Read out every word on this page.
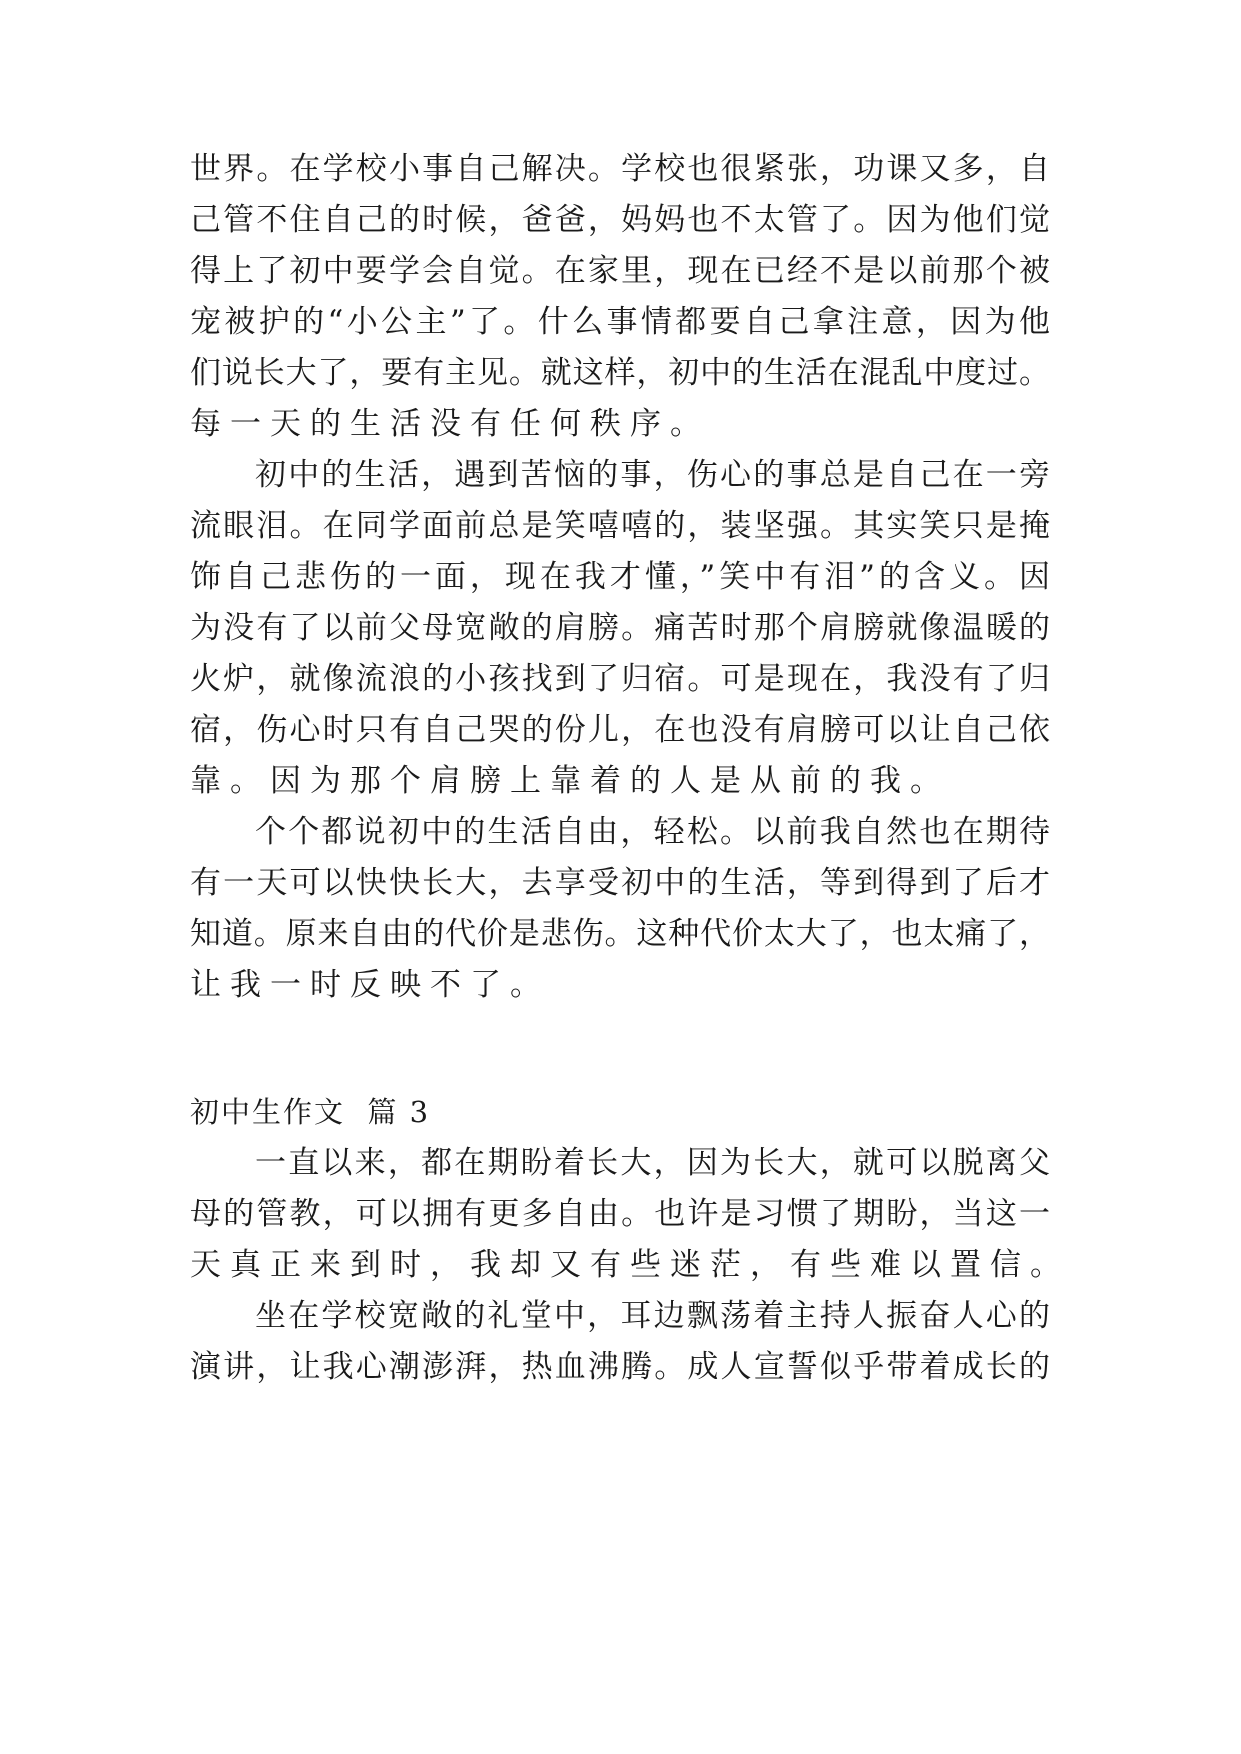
世界。在学校小事自己解决。学校也很紧张，功课又多，自
己管不住自己的时候，爸爸，妈妈也不太管了。因为他们觉
得上了初中要学会自觉。在家里，现在已经不是以前那个被
宠被护的“小公主”了。什么事情都要自己拿注意，因为他
们说长大了，要有主见。就这样，初中的生活在混乱中度过。
每一天的生活没有任何秩序。
初中的生活，遇到苦恼的事，伤心的事总是自己在一旁
流眼泪。在同学面前总是笑嘻嘻的，装坚强。其实笑只是掩
饰自己悲伤的一面，现在我才懂，”笑中有泪”的含义。因
为没有了以前父母宽敞的肩膀。痛苦时那个肩膀就像温暖的
火炉，就像流浪的小孩找到了归宿。可是现在，我没有了归
宿，伤心时只有自己哭的份儿，在也没有肩膀可以让自己依
靠。因为那个肩膀上靠着的人是从前的我。
个个都说初中的生活自由，轻松。以前我自然也在期待
有一天可以快快长大，去享受初中的生活，等到得到了后才
知道。原来自由的代价是悲伤。这种代价太大了，也太痛了，
让我一时反映不了。
初中生作文  篇 3
一直以来，都在期盼着长大，因为长大，就可以脱离父
母的管教，可以拥有更多自由。也许是习惯了期盼，当这一
天真正来到时，我却又有些迷茫，有些难以置信。
坐在学校宽敞的礼堂中，耳边飘荡着主持人振奋人心的
演讲，让我心潮澎湃，热血沸腾。成人宣誓似乎带着成长的
